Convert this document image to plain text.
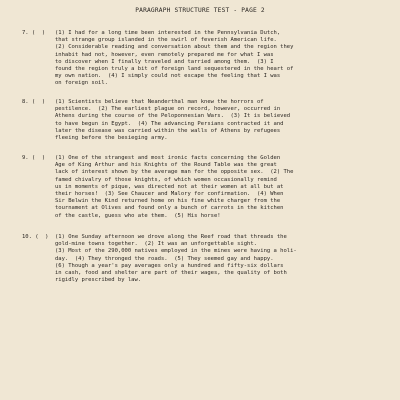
PARAGRAPH STRUCTURE TEST - PAGE 2
7. (  )	(1) I had for a long time been interested in the Pennsylvania Dutch,
that strange group islanded in the swirl of feverish American life.
(2) Considerable reading and conversation about them and the region they
inhabit had not, however, even remotely prepared me for what I was
to discover when I finally traveled and tarried among them.  (3) I
found the region truly a bit of foreign land sequestered in the heart of
my own nation.  (4) I simply could not escape the feeling that I was
on foreign soil.
8. (  )	(1) Scientists believe that Neanderthal man knew the horrors of
pestilence.  (2) The earliest plague on record, however, occurred in
Athens during the course of the Peloponnesian Wars.  (3) It is believed
to have begun in Egypt.  (4) The advancing Persians contracted it and
later the disease was carried within the walls of Athens by refugees
fleeing before the besieging army.
9. (  )	(1) One of the strangest and most ironic facts concerning the Golden
Age of King Arthur and his Knights of the Round Table was the great
lack of interest shown by the average man for the opposite sex.  (2) The
famed chivalry of those knights, of which women occasionally remind
us in moments of pique, was directed not at their women at all but at
their horses!  (3) See Chaucer and Malory for confirmation.  (4) When
Sir Belwin the Kind returned home on his fine white charger from the
tournament at Olives and found only a bunch of carrots in the kitchen
of the castle, guess who ate them.  (5) His horse!
10. (  )	(1) One Sunday afternoon we drove along the Reef road that threads the
gold-mine towns together.  (2) It was an unforgettable sight.
(3) Most of the 290,000 natives employed in the mines were having a holi-
day.  (4) They thronged the roads.  (5) They seemed gay and happy.
(6) Though a year's pay averages only a hundred and fifty-six dollars
in cash, food and shelter are part of their wages, the quality of both
rigidly prescribed by law.
